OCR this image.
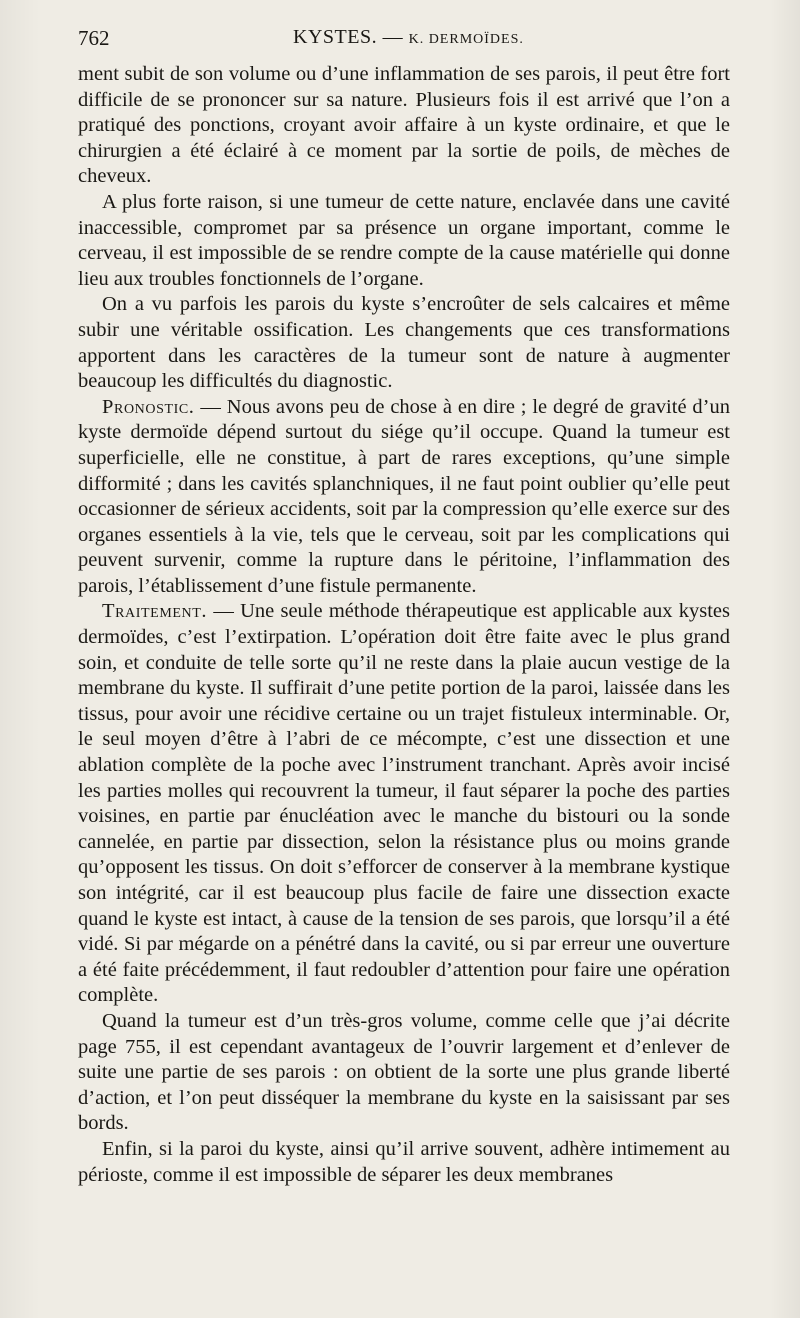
762	KYSTES. — K. DERMOÏDES.

ment subit de son volume ou d’une inflammation de ses parois, il peut être fort difficile de se prononcer sur sa nature. Plusieurs fois il est arrivé que l’on a pratiqué des ponctions, croyant avoir affaire à un kyste ordinaire, et que le chirurgien a été éclairé à ce moment par la sortie de poils, de mèches de cheveux.

A plus forte raison, si une tumeur de cette nature, enclavée dans une cavité inaccessible, compromet par sa présence un organe important, comme le cerveau, il est impossible de se rendre compte de la cause matérielle qui donne lieu aux troubles fonctionnels de l’organe.

On a vu parfois les parois du kyste s’encroûter de sels calcaires et même subir une véritable ossification. Les changements que ces transformations apportent dans les caractères de la tumeur sont de nature à augmenter beaucoup les difficultés du diagnostic.

Pronostic. — Nous avons peu de chose à en dire ; le degré de gravité d’un kyste dermoïde dépend surtout du siége qu’il occupe. Quand la tumeur est superficielle, elle ne constitue, à part de rares exceptions, qu’une simple difformité ; dans les cavités splanchniques, il ne faut point oublier qu’elle peut occasionner de sérieux accidents, soit par la compression qu’elle exerce sur des organes essentiels à la vie, tels que le cerveau, soit par les complications qui peuvent survenir, comme la rupture dans le péritoine, l’inflammation des parois, l’établissement d’une fistule permanente.

Traitement. — Une seule méthode thérapeutique est applicable aux kystes dermoïdes, c’est l’extirpation. L’opération doit être faite avec le plus grand soin, et conduite de telle sorte qu’il ne reste dans la plaie aucun vestige de la membrane du kyste. Il suffirait d’une petite portion de la paroi, laissée dans les tissus, pour avoir une récidive certaine ou un trajet fistuleux interminable. Or, le seul moyen d’être à l’abri de ce mécompte, c’est une dissection et une ablation complète de la poche avec l’instrument tranchant. Après avoir incisé les parties molles qui recouvrent la tumeur, il faut séparer la poche des parties voisines, en partie par énucléation avec le manche du bistouri ou la sonde cannelée, en partie par dissection, selon la résistance plus ou moins grande qu’opposent les tissus. On doit s’efforcer de conserver à la membrane kystique son intégrité, car il est beaucoup plus facile de faire une dissection exacte quand le kyste est intact, à cause de la tension de ses parois, que lorsqu’il a été vidé. Si par mégarde on a pénétré dans la cavité, ou si par erreur une ouverture a été faite précédemment, il faut redoubler d’attention pour faire une opération complète.

Quand la tumeur est d’un très-gros volume, comme celle que j’ai décrite page 755, il est cependant avantageux de l’ouvrir largement et d’enlever de suite une partie de ses parois : on obtient de la sorte une plus grande liberté d’action, et l’on peut disséquer la membrane du kyste en la saisissant par ses bords.

Enfin, si la paroi du kyste, ainsi qu’il arrive souvent, adhère intimement au périoste, comme il est impossible de séparer les deux membranes
